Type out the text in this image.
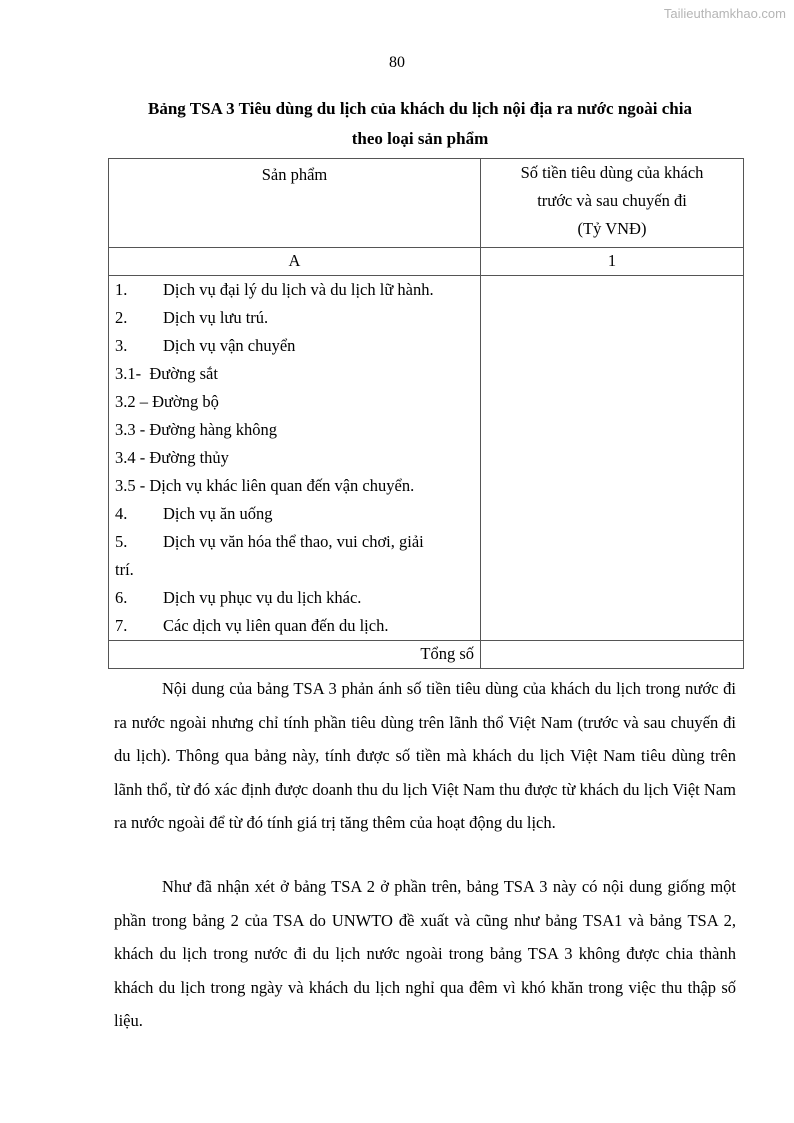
Tailieuthamkhao.com
80
Bảng TSA 3 Tiêu dùng du lịch của khách du lịch nội địa ra nước ngoài chia
theo loại sản phẩm
Sản phẩm	Số tiền tiêu dùng của khách
trước và sau chuyến đi
(Tỷ VNĐ)

A	1

1.	Dịch vụ đại lý du lịch và du lịch lữ hành.
2.	Dịch vụ lưu trú.
3.	Dịch vụ vận chuyển
3.1-  Đường sắt
3.2 – Đường bộ
3.3 - Đường hàng không
3.4 - Đường thủy
3.5 - Dịch vụ khác liên quan đến vận chuyển.
4.	Dịch vụ ăn uống
5.	Dịch vụ văn hóa thể thao, vui chơi, giải
trí.
6.	Dịch vụ phục vụ du lịch khác.
7.	Các dịch vụ liên quan đến du lịch.

Tổng số	

Nội dung của bảng TSA 3 phản ánh số tiền tiêu dùng của khách du lịch trong nước đi ra nước ngoài nhưng chỉ tính phần tiêu dùng trên lãnh thổ Việt Nam (trước và sau chuyến đi du lịch). Thông qua bảng này, tính được số tiền mà khách du lịch Việt Nam tiêu dùng trên lãnh thổ, từ đó xác định được doanh thu du lịch Việt Nam thu được từ khách du lịch Việt Nam ra nước ngoài để từ đó tính giá trị tăng thêm của hoạt động du lịch.

Như đã nhận xét ở bảng TSA 2 ở phần trên, bảng TSA 3 này có nội dung giống một phần trong bảng 2 của TSA do UNWTO đề xuất và cũng như bảng TSA1 và bảng TSA 2, khách du lịch trong nước đi du lịch nước ngoài trong bảng TSA 3 không được chia thành khách du lịch trong ngày và khách du lịch nghỉ qua đêm vì khó khăn trong việc thu thập số liệu.
